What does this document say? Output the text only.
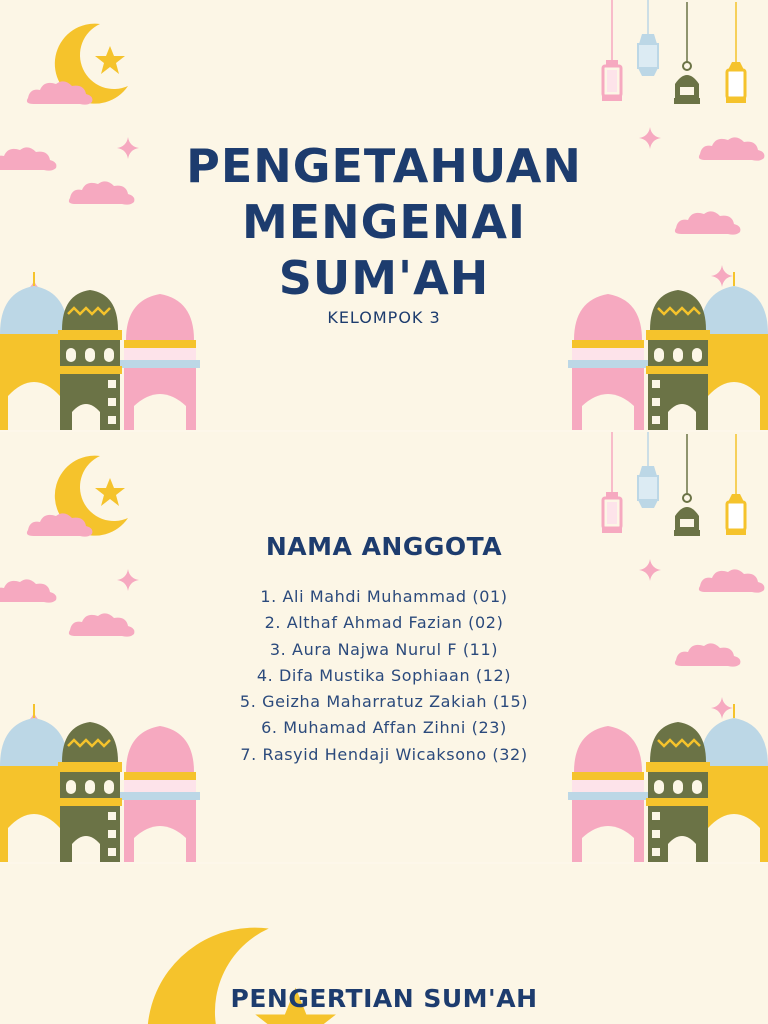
PENGETAHUAN
MENGENAI
SUM'AH
KELOMPOK 3
NAMA ANGGOTA
1. Ali Mahdi Muhammad (01)
2. Althaf Ahmad Fazian (02)
3. Aura Najwa Nurul F (11)
4. Difa Mustika Sophiaan (12)
5. Geizha Maharratuz Zakiah (15)
6. Muhamad Affan Zihni (23)
7. Rasyid Hendaji Wicaksono (32)
PENGERTIAN SUM'AH
